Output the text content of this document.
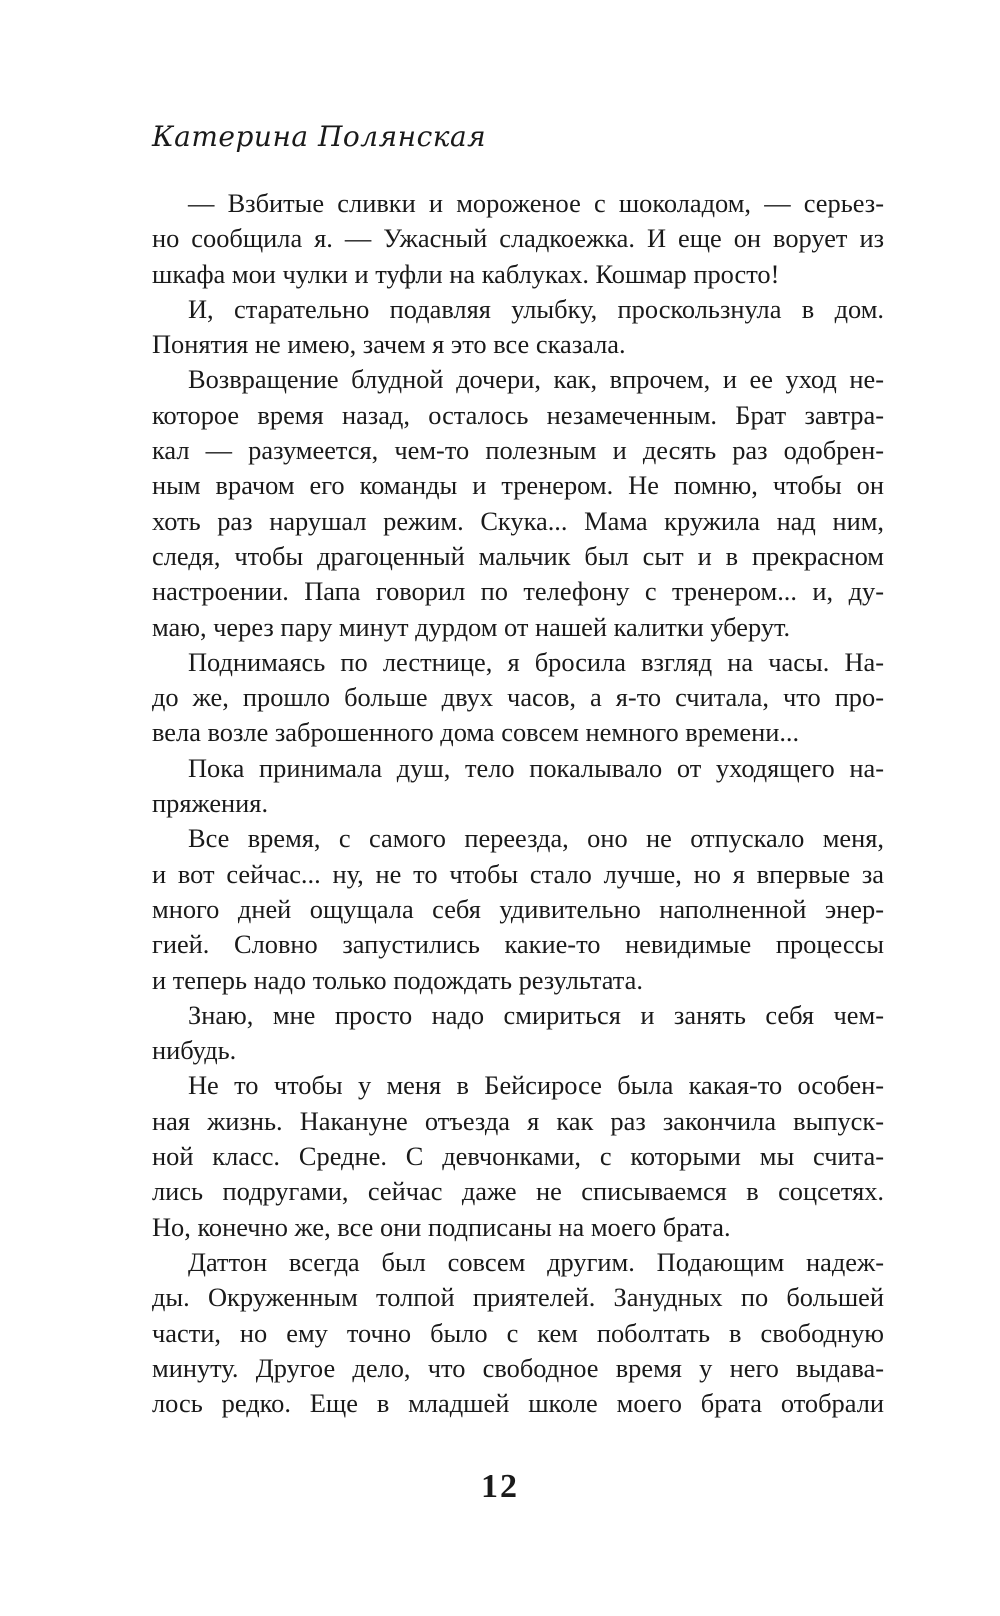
Катерина Полянская
— Взбитые сливки и мороженое с шоколадом, — серьез-
но сообщила я. — Ужасный сладкоежка. И еще он ворует из
шкафа мои чулки и туфли на каблуках. Кошмар просто!
И, старательно подавляя улыбку, проскользнула в дом.
Понятия не имею, зачем я это все сказала.
Возвращение блудной дочери, как, впрочем, и ее уход не-
которое время назад, осталось незамеченным. Брат завтра-
кал — разумеется, чем-то полезным и десять раз одобрен-
ным врачом его команды и тренером. Не помню, чтобы он
хоть раз нарушал режим. Скука... Мама кружила над ним,
следя, чтобы драгоценный мальчик был сыт и в прекрасном
настроении. Папа говорил по телефону с тренером... и, ду-
маю, через пару минут дурдом от нашей калитки уберут.
Поднимаясь по лестнице, я бросила взгляд на часы. На-
до же, прошло больше двух часов, а я-то считала, что про-
вела возле заброшенного дома совсем немного времени...
Пока принимала душ, тело покалывало от уходящего на-
пряжения.
Все время, с самого переезда, оно не отпускало меня,
и вот сейчас... ну, не то чтобы стало лучше, но я впервые за
много дней ощущала себя удивительно наполненной энер-
гией. Словно запустились какие-то невидимые процессы
и теперь надо только подождать результата.
Знаю, мне просто надо смириться и занять себя чем-
нибудь.
Не то чтобы у меня в Бейсиросе была какая-то особен-
ная жизнь. Накануне отъезда я как раз закончила выпуск-
ной класс. Средне. С девчонками, с которыми мы счита-
лись подругами, сейчас даже не списываемся в соцсетях.
Но, конечно же, все они подписаны на моего брата.
Даттон всегда был совсем другим. Подающим надеж-
ды. Окруженным толпой приятелей. Занудных по большей
части, но ему точно было с кем поболтать в свободную
минуту. Другое дело, что свободное время у него выдава-
лось редко. Еще в младшей школе моего брата отобрали
12
